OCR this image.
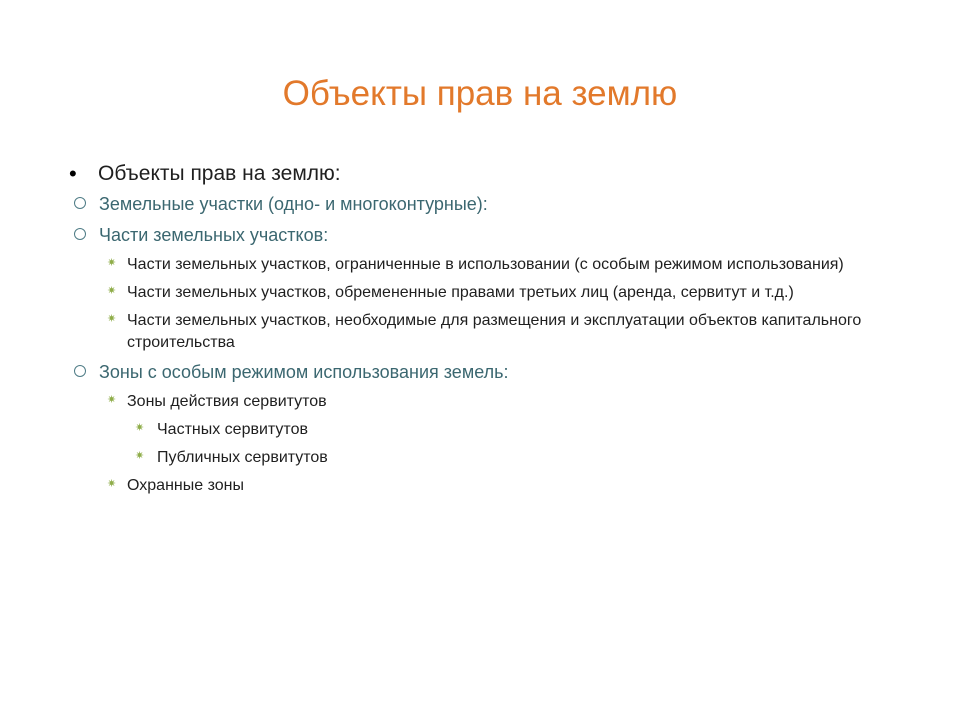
Объекты прав на землю

• Объекты прав на землю:

Земельные участки (одно- и многоконтурные):

Части земельных участков:

✷ Части земельных участков, ограниченные в использовании (с особым режимом использования)

✷ Части земельных участков, обремененные правами третьих лиц (аренда, сервитут и т.д.)

✷ Части земельных участков, необходимые для размещения и эксплуатации объектов капитального строительства

Зоны с особым режимом использования земель:

✷ Зоны действия сервитутов

✷ Частных сервитутов

✷ Публичных сервитутов

✷ Охранные зоны
